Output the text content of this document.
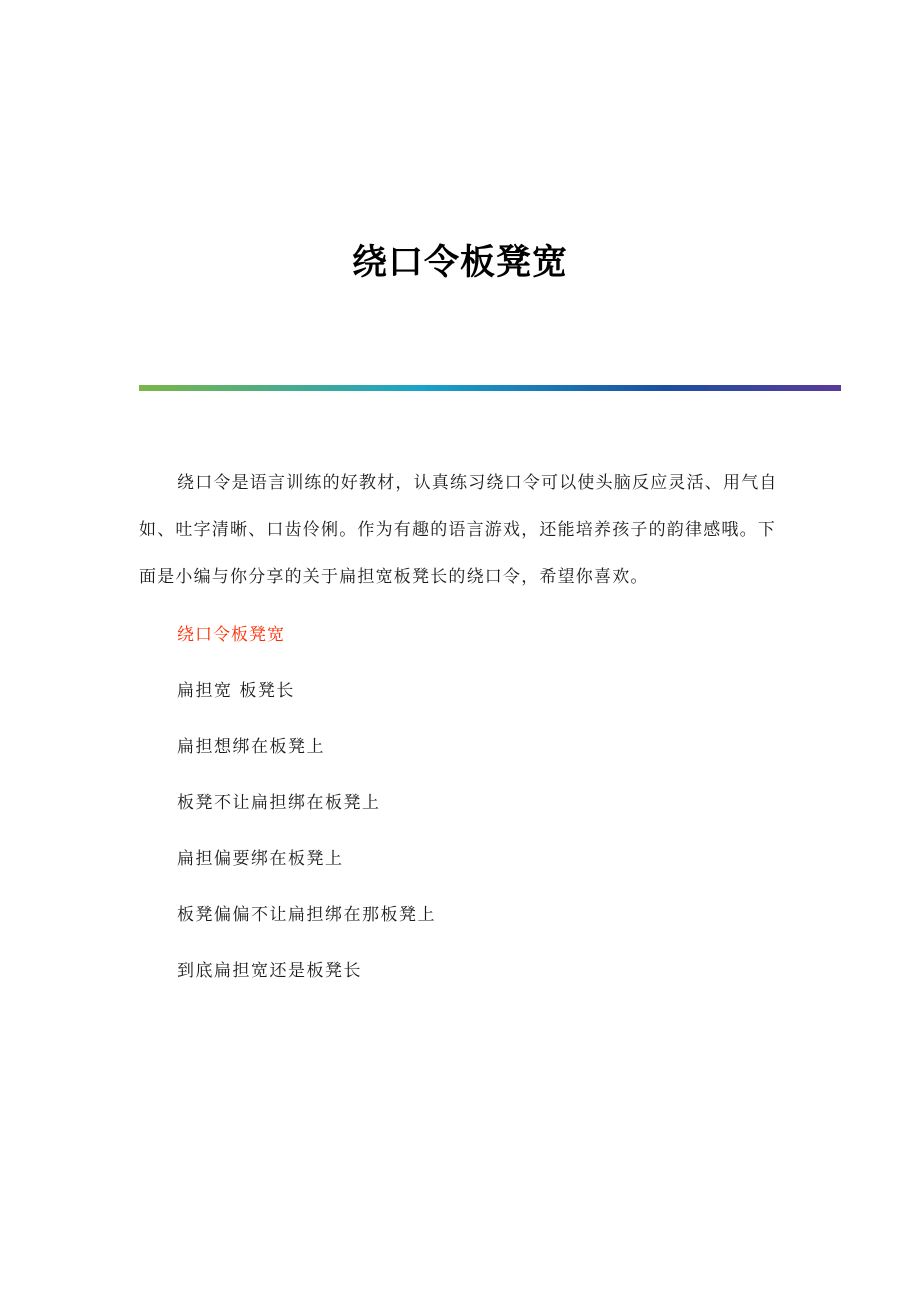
绕口令板凳宽

绕口令是语言训练的好教材，认真练习绕口令可以使头脑反应灵活、用气自如、吐字清晰、口齿伶俐。作为有趣的语言游戏，还能培养孩子的韵律感哦。下面是小编与你分享的关于扁担宽板凳长的绕口令，希望你喜欢。

绕口令板凳宽
扁担宽 板凳长
扁担想绑在板凳上
板凳不让扁担绑在板凳上
扁担偏要绑在板凳上
板凳偏偏不让扁担绑在那板凳上
到底扁担宽还是板凳长
